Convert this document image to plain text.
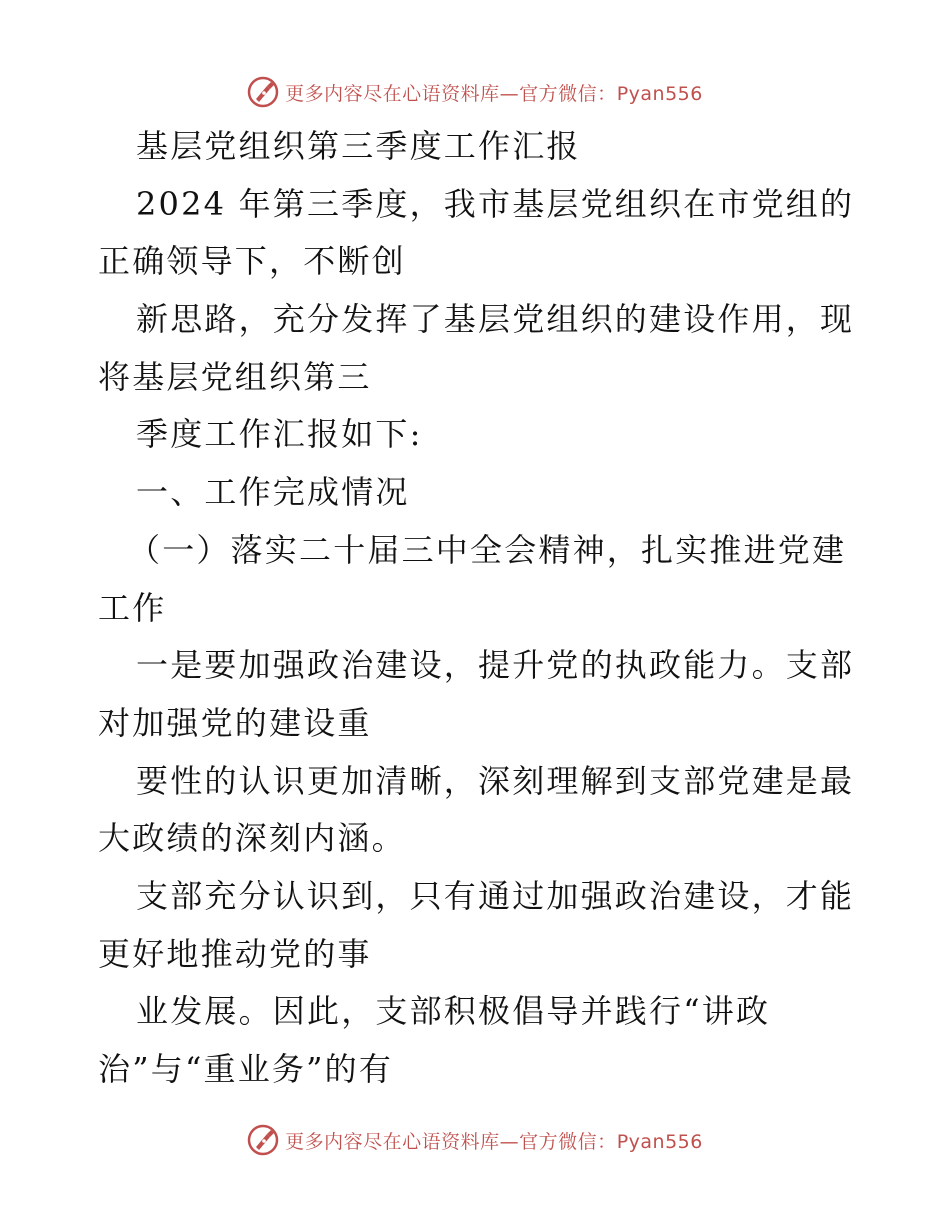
更多内容尽在心语资料库—官方微信：Pyan556
基层党组织第三季度工作汇报
2024 年第三季度，我市基层党组织在市党组的
正确领导下，不断创
新思路，充分发挥了基层党组织的建设作用，现
将基层党组织第三
季度工作汇报如下:
一、工作完成情况
（一）落实二十届三中全会精神，扎实推进党建
工作
一是要加强政治建设，提升党的执政能力。支部
对加强党的建设重
要性的认识更加清晰，深刻理解到支部党建是最
大政绩的深刻内涵。
支部充分认识到，只有通过加强政治建设，才能
更好地推动党的事
业发展。因此，支部积极倡导并践行“讲政
治”与“重业务”的有
更多内容尽在心语资料库—官方微信：Pyan556
